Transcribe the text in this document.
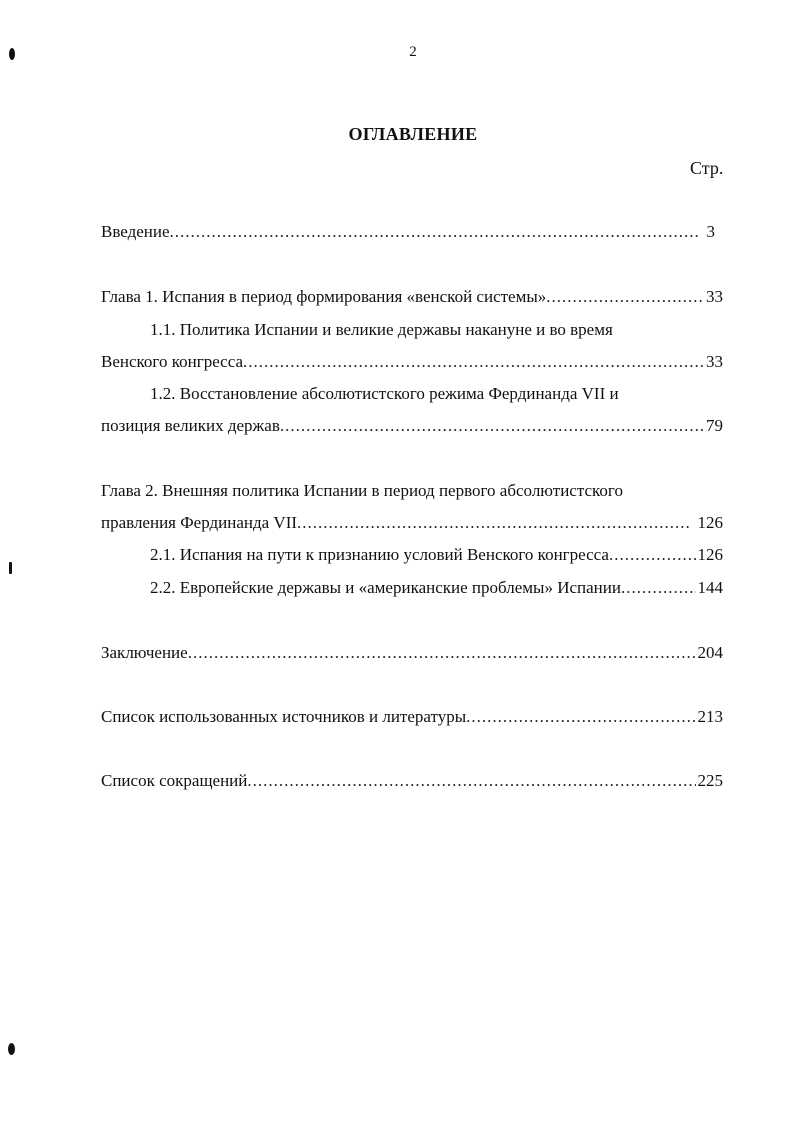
2
ОГЛАВЛЕНИЕ
Стр.
Введение .....	3
Глава 1. Испания в период формирования «венской системы» .....	33
1.1. Политика Испании и великие державы накануне и во время
Венского конгресса .....	33
1.2. Восстановление абсолютистского режима Фердинанда VII и
позиция великих держав .....	79
Глава 2. Внешняя политика Испании в период первого абсолютистского
правления Фердинанда VII .....	126
2.1. Испания на пути к признанию условий Венского конгресса .....	126
2.2. Европейские державы и «американские проблемы» Испании .....	144
Заключение .....	204
Список использованных источников и литературы .....	213
Список сокращений .....	225
